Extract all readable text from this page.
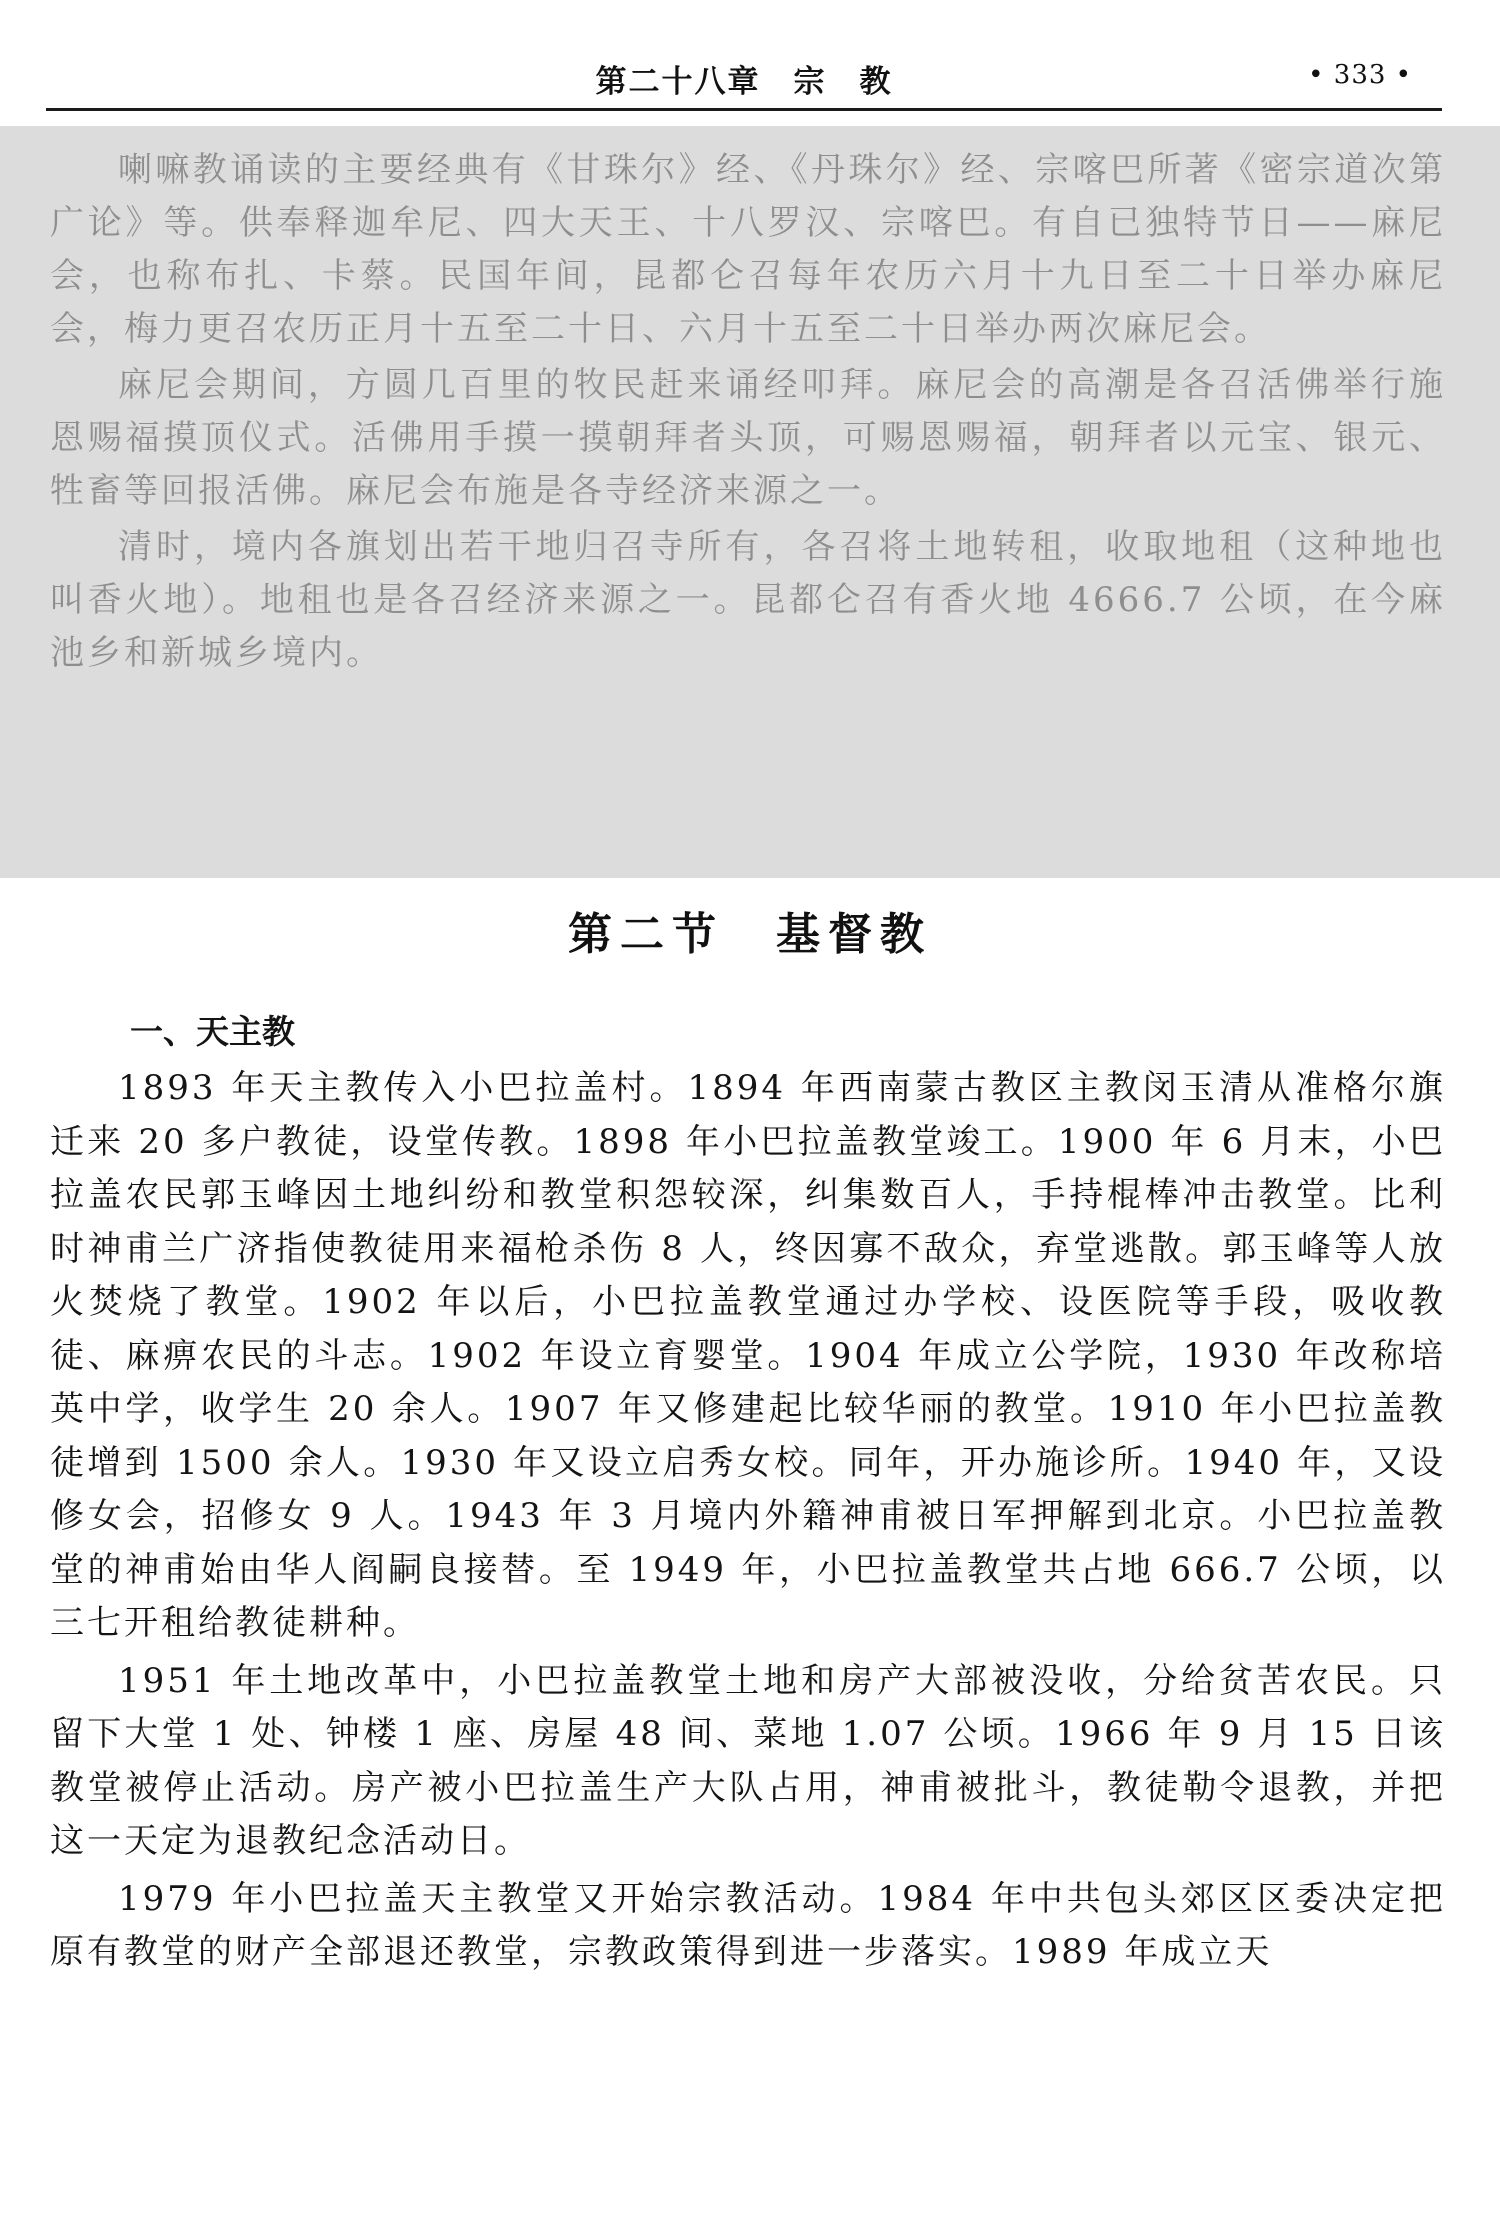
第二十八章　宗　教	• 333 •

喇嘛教诵读的主要经典有《甘珠尔》经、《丹珠尔》经、宗喀巴所著《密宗道次第广论》等。供奉释迦牟尼、四大天王、十八罗汉、宗喀巴。有自已独特节日——麻尼会，也称布扎、卡蔡。民国年间，昆都仑召每年农历六月十九日至二十日举办麻尼会，梅力更召农历正月十五至二十日、六月十五至二十日举办两次麻尼会。

麻尼会期间，方圆几百里的牧民赶来诵经叩拜。麻尼会的高潮是各召活佛举行施恩赐福摸顶仪式。活佛用手摸一摸朝拜者头顶，可赐恩赐福，朝拜者以元宝、银元、牲畜等回报活佛。麻尼会布施是各寺经济来源之一。

清时，境内各旗划出若干地归召寺所有，各召将土地转租，收取地租（这种地也叫香火地）。地租也是各召经济来源之一。昆都仑召有香火地 4666.7 公顷，在今麻池乡和新城乡境内。

第二节　基督教
一、天主教

1893 年天主教传入小巴拉盖村。1894 年西南蒙古教区主教闵玉清从准格尔旗迁来 20 多户教徒，设堂传教。1898 年小巴拉盖教堂竣工。1900 年 6 月末，小巴拉盖农民郭玉峰因土地纠纷和教堂积怨较深，纠集数百人，手持棍棒冲击教堂。比利时神甫兰广济指使教徒用来福枪杀伤 8 人，终因寡不敌众，弃堂逃散。郭玉峰等人放火焚烧了教堂。1902 年以后，小巴拉盖教堂通过办学校、设医院等手段，吸收教徒、麻痹农民的斗志。1902 年设立育婴堂。1904 年成立公学院，1930 年改称培英中学，收学生 20 余人。1907 年又修建起比较华丽的教堂。1910 年小巴拉盖教徒增到 1500 余人。1930 年又设立启秀女校。同年，开办施诊所。1940 年，又设修女会，招修女 9 人。1943 年 3 月境内外籍神甫被日军押解到北京。小巴拉盖教堂的神甫始由华人阎嗣良接替。至 1949 年，小巴拉盖教堂共占地 666.7 公顷，以三七开租给教徒耕种。

1951 年土地改革中，小巴拉盖教堂土地和房产大部被没收，分给贫苦农民。只留下大堂 1 处、钟楼 1 座、房屋 48 间、菜地 1.07 公顷。1966 年 9 月 15 日该教堂被停止活动。房产被小巴拉盖生产大队占用，神甫被批斗，教徒勒令退教，并把这一天定为退教纪念活动日。

1979 年小巴拉盖天主教堂又开始宗教活动。1984 年中共包头郊区区委决定把原有教堂的财产全部退还教堂，宗教政策得到进一步落实。1989 年成立天
